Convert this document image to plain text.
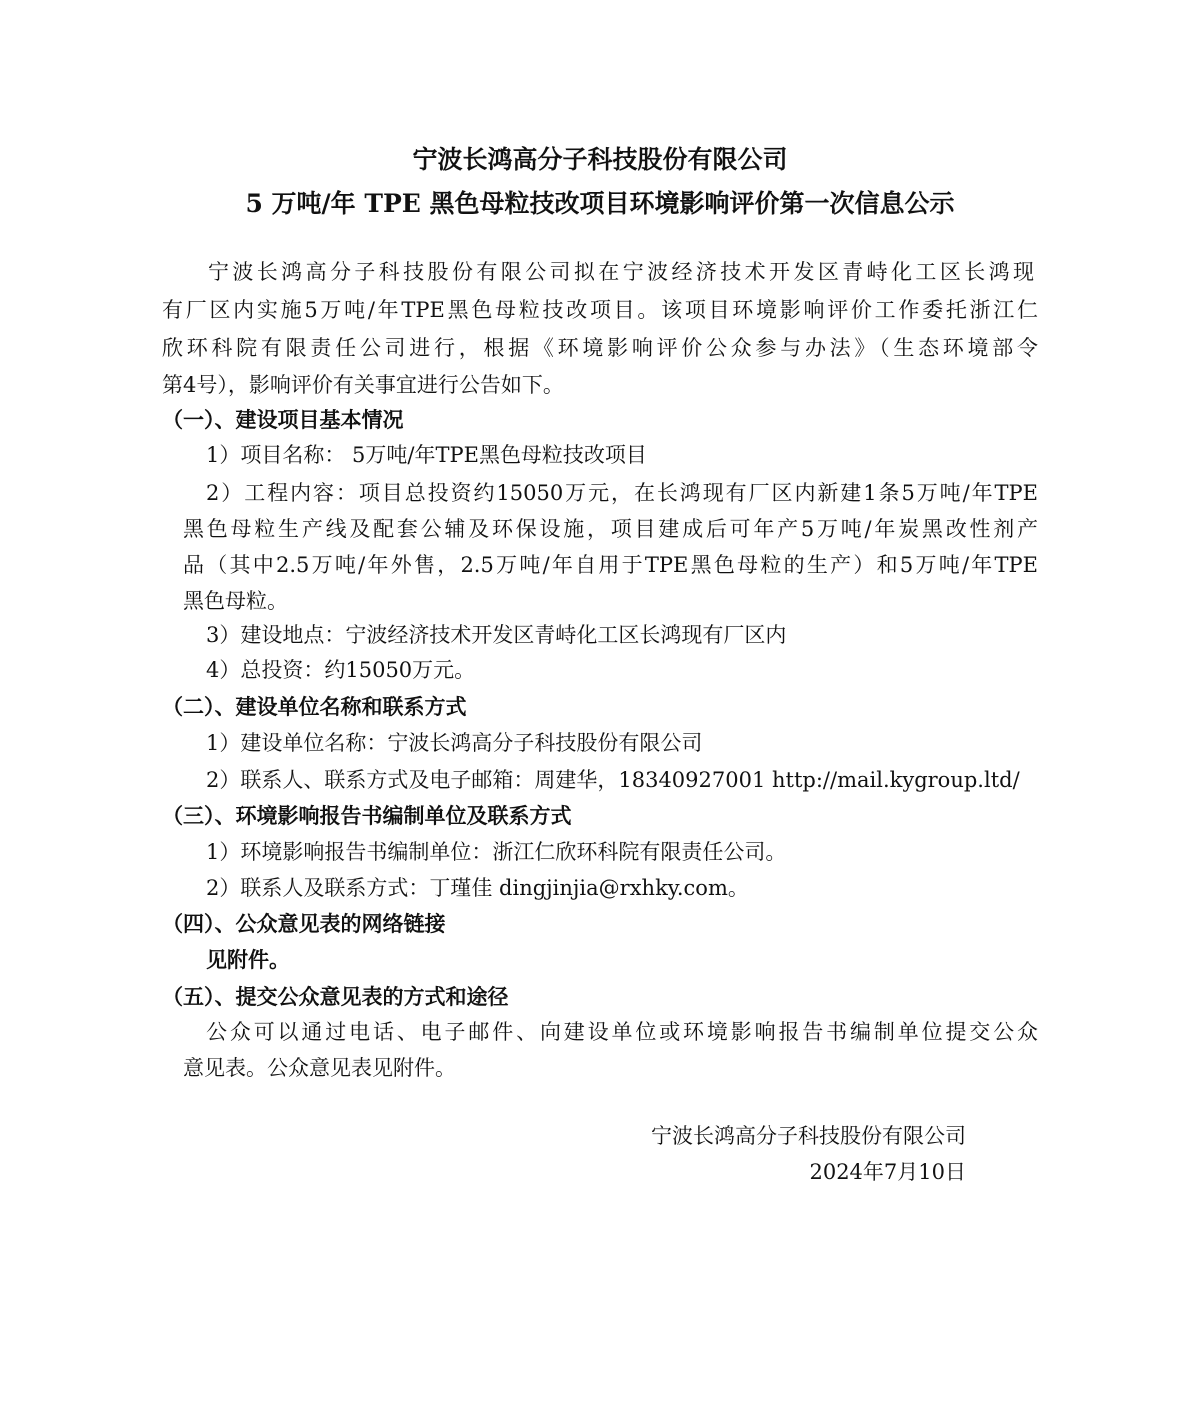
宁波长鸿高分子科技股份有限公司
5 万吨/年 TPE 黑色母粒技改项目环境影响评价第一次信息公示
宁波长鸿高分子科技股份有限公司拟在宁波经济技术开发区青峙化工区长鸿现
有厂区内实施5万吨/年TPE黑色母粒技改项目。该项目环境影响评价工作委托浙江仁
欣环科院有限责任公司进行，根据《环境影响评价公众参与办法》（生态环境部令
第4号），影响评价有关事宜进行公告如下。
（一）、建设项目基本情况
1）项目名称： 5万吨/年TPE黑色母粒技改项目
2）工程内容：项目总投资约15050万元，在长鸿现有厂区内新建1条5万吨/年TPE
黑色母粒生产线及配套公辅及环保设施，项目建成后可年产5万吨/年炭黑改性剂产
品（其中2.5万吨/年外售，2.5万吨/年自用于TPE黑色母粒的生产）和5万吨/年TPE
黑色母粒。
3）建设地点：宁波经济技术开发区青峙化工区长鸿现有厂区内
4）总投资：约15050万元。
（二）、建设单位名称和联系方式
1）建设单位名称：宁波长鸿高分子科技股份有限公司
2）联系人、联系方式及电子邮箱：周建华，18340927001 http://mail.kygroup.ltd/
（三）、环境影响报告书编制单位及联系方式
1）环境影响报告书编制单位：浙江仁欣环科院有限责任公司。
2）联系人及联系方式：丁瑾佳 dingjinjia@rxhky.com。
（四）、公众意见表的网络链接
见附件。
（五）、提交公众意见表的方式和途径
公众可以通过电话、电子邮件、向建设单位或环境影响报告书编制单位提交公众
意见表。公众意见表见附件。
宁波长鸿高分子科技股份有限公司
2024年7月10日
